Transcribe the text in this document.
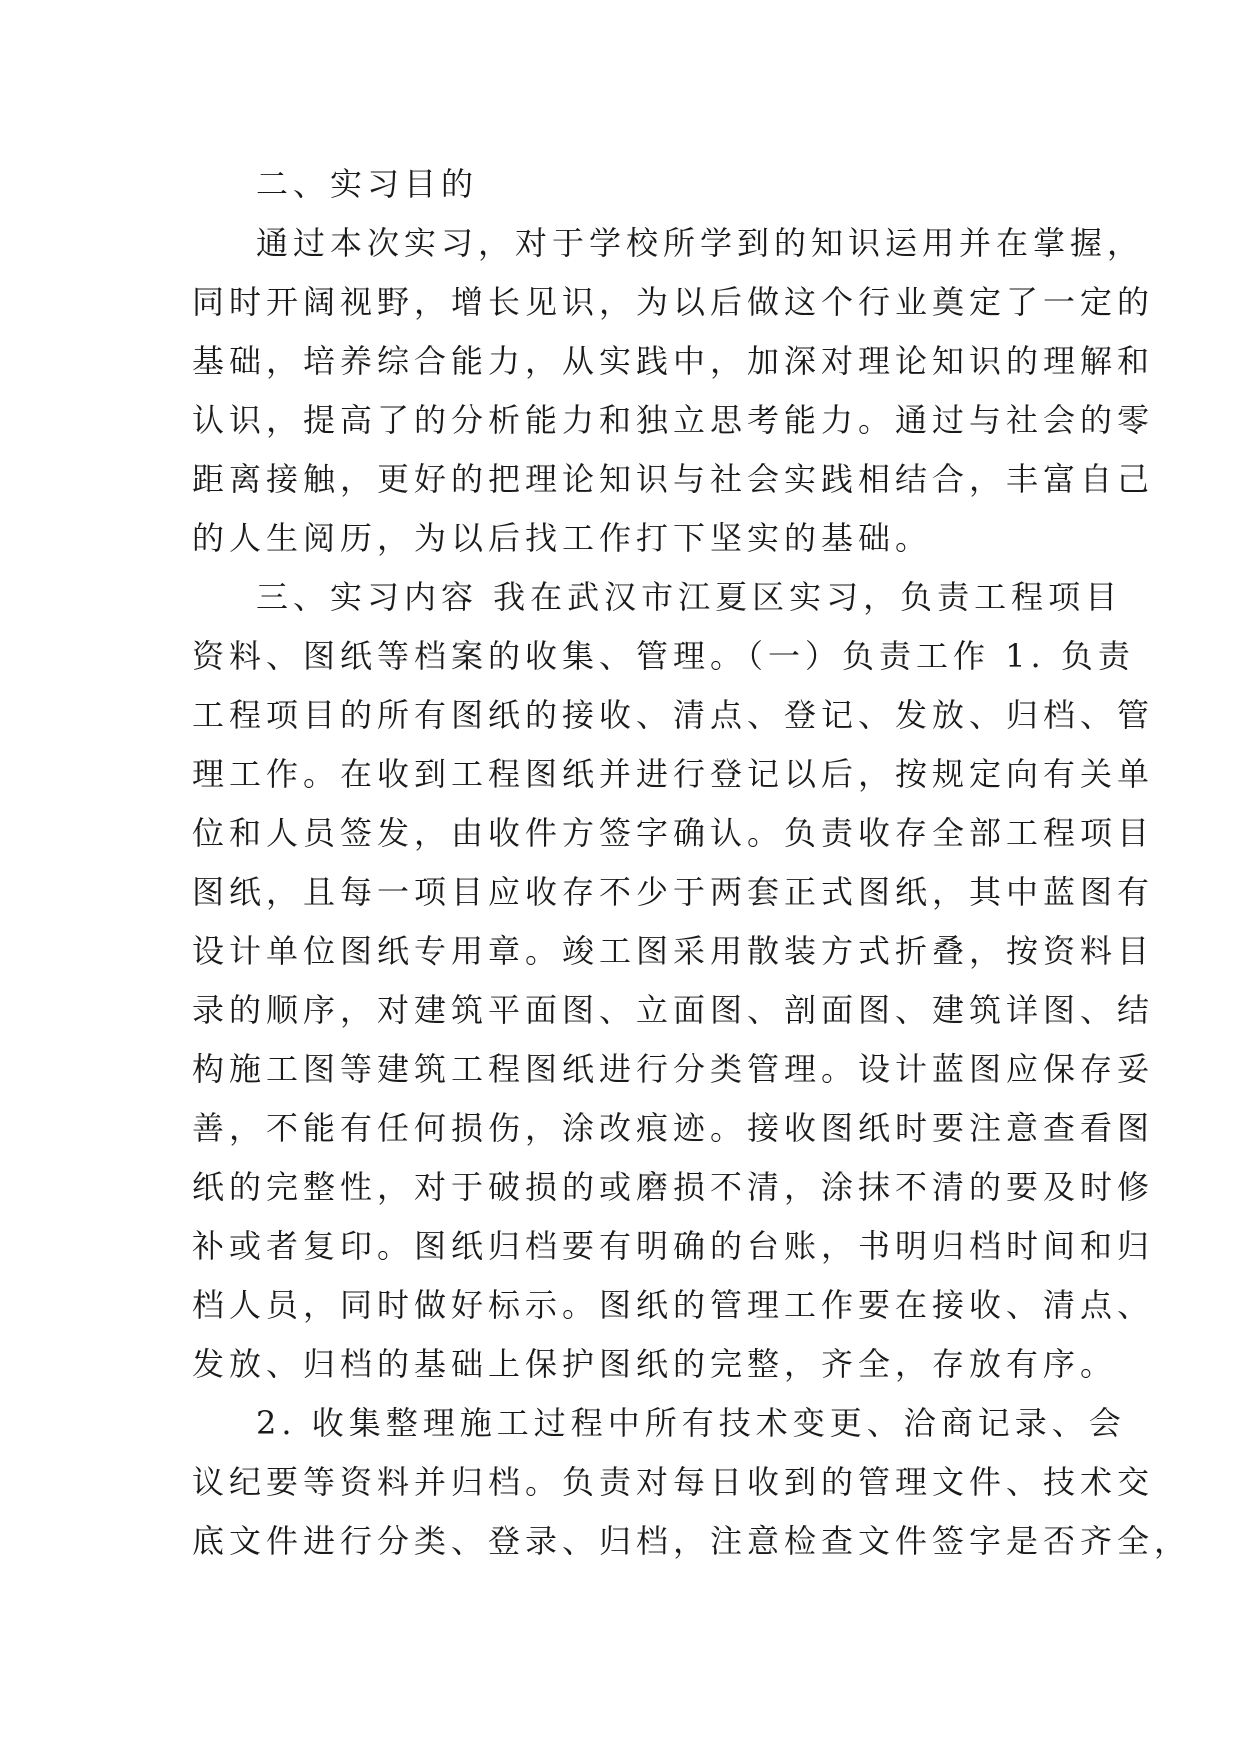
二、实习目的
通过本次实习，对于学校所学到的知识运用并在掌握，
同时开阔视野，增长见识，为以后做这个行业奠定了一定的
基础，培养综合能力，从实践中，加深对理论知识的理解和
认识，提高了的分析能力和独立思考能力。通过与社会的零
距离接触，更好的把理论知识与社会实践相结合，丰富自己
的人生阅历，为以后找工作打下坚实的基础。
三、实习内容 我在武汉市江夏区实习，负责工程项目
资料、图纸等档案的收集、管理。（一）负责工作 1. 负责
工程项目的所有图纸的接收、清点、登记、发放、归档、管
理工作。在收到工程图纸并进行登记以后，按规定向有关单
位和人员签发，由收件方签字确认。负责收存全部工程项目
图纸，且每一项目应收存不少于两套正式图纸，其中蓝图有
设计单位图纸专用章。竣工图采用散装方式折叠，按资料目
录的顺序，对建筑平面图、立面图、剖面图、建筑详图、结
构施工图等建筑工程图纸进行分类管理。设计蓝图应保存妥
善，不能有任何损伤，涂改痕迹。接收图纸时要注意查看图
纸的完整性，对于破损的或磨损不清，涂抹不清的要及时修
补或者复印。图纸归档要有明确的台账，书明归档时间和归
档人员，同时做好标示。图纸的管理工作要在接收、清点、
发放、归档的基础上保护图纸的完整，齐全，存放有序。
2. 收集整理施工过程中所有技术变更、洽商记录、会
议纪要等资料并归档。负责对每日收到的管理文件、技术交
底文件进行分类、登录、归档，注意检查文件签字是否齐全，
